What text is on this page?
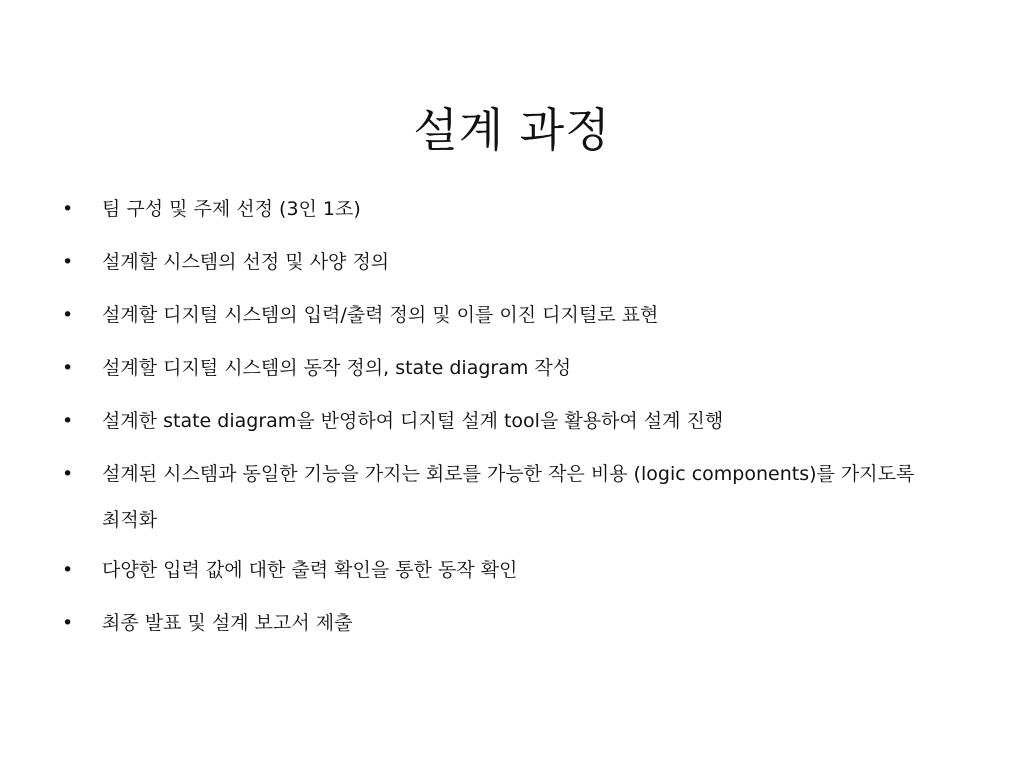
설계 과정
•	팀 구성 및 주제 선정 (3인 1조)
•	설계할 시스템의 선정 및 사양 정의
•	설계할 디지털 시스템의 입력/출력 정의 및 이를 이진 디지털로 표현
•	설계할 디지털 시스템의 동작 정의, state diagram 작성
•	설계한 state diagram을 반영하여 디지털 설계 tool을 활용하여 설계 진행
•	설계된 시스템과 동일한 기능을 가지는 회로를 가능한 작은 비용 (logic components)를 가지도록 최적화
•	다양한 입력 값에 대한 출력 확인을 통한 동작 확인
•	최종 발표 및 설계 보고서 제출
